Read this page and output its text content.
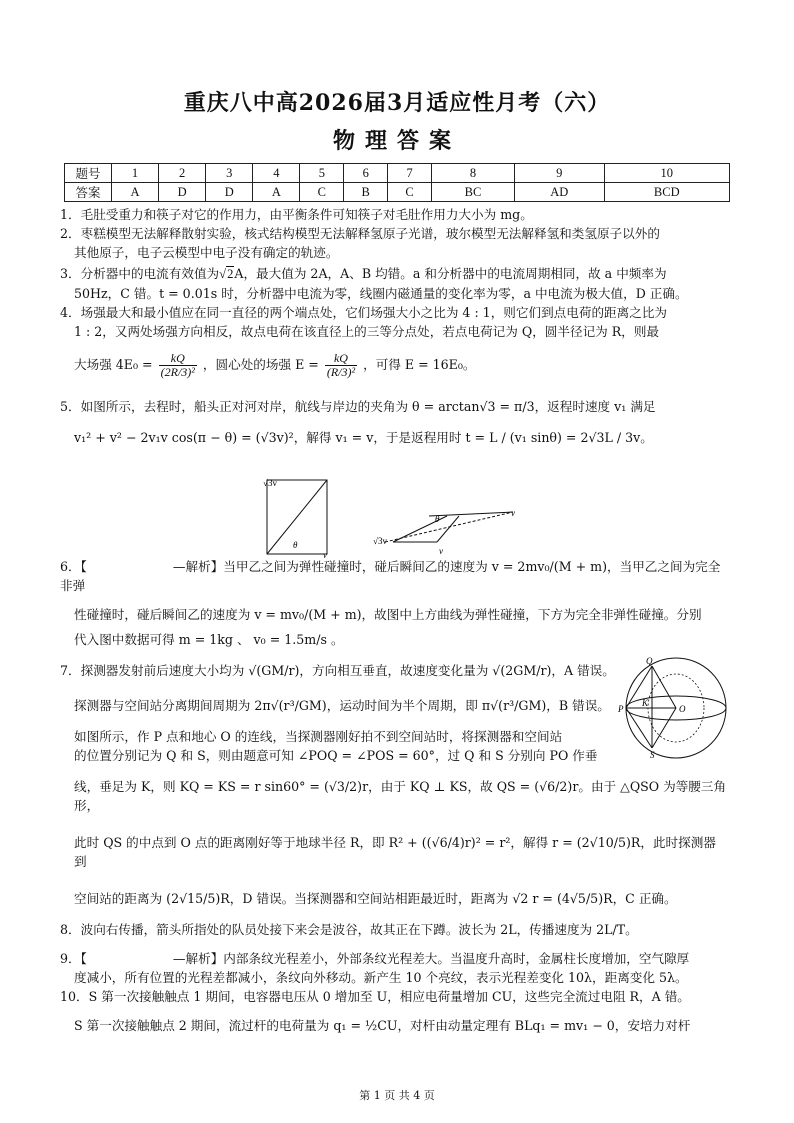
重庆八中高2026届3月适应性月考（六）
物理答案
题号	1	2	3	4	5	6	7	8	9	10
答案	A	D	D	A	C	B	C	BC	AD	BCD
1．毛肚受重力和筷子对它的作用力，由平衡条件可知筷子对毛肚作用力大小为 mg。
2．枣糕模型无法解释散射实验，核式结构模型无法解释氢原子光谱，玻尔模型无法解释氢和类氢原子以外的
其他原子，电子云模型中电子没有确定的轨迹。
3．分析器中的电流有效值为√2A，最大值为 2A，A、B 均错。a 和分析器中的电流周期相同，故 a 中频率为
50Hz，C 错。t = 0.01s 时，分析器中电流为零，线圈内磁通量的变化率为零，a 中电流为极大值，D 正确。
4．场强最大和最小值应在同一直径的两个端点处，它们场强大小之比为 4 : 1，则它们到点电荷的距离之比为
1 : 2，又两处场强方向相反，故点电荷在该直径上的三等分点处，若点电荷记为 Q，圆半径记为 R，则最
大场强 $4E_0 = \frac{kQ}{\text{(2R/3)²}}$ ，圆心处的场强 $E = \frac{kQ}{\text{(R/3)²}}$ ，可得 E = 16E₀。
5．如图所示，去程时，船头正对河对岸，航线与岸边的夹角为 θ = arctan√3 = π/3，返程时速度 v₁ 满足
v₁² + v² − 2v₁v cos(π − θ) = (√3v)²，解得 v₁ = v，于是返程用时 t = L / (v₁ sinθ) = 2√3L / 3v。
6．【	—解析】当甲乙之间为弹性碰撞时，碰后瞬间乙的速度为 v = 2mv₀/(M + m)，当甲乙之间为完全非弹
性碰撞时，碰后瞬间乙的速度为 v = mv₀/(M + m)，故图中上方曲线为弹性碰撞，下方为完全非弹性碰撞。分别
代入图中数据可得 m = 1kg 、 v₀ = 1.5m/s 。
7．探测器发射前后速度大小均为 √(GM/r)，方向相互垂直，故速度变化量为 √(2GM/r)，A 错误。
探测器与空间站分离期间周期为 2π√(r³/GM)，运动时间为半个周期，即 π√(r³/GM)，B 错误。
如图所示，作 P 点和地心 O 的连线，当探测器刚好拍不到空间站时，将探测器和空间站
的位置分别记为 Q 和 S，则由题意可知 ∠POQ = ∠POS = 60°，过 Q 和 S 分别向 PO 作垂
线，垂足为 K，则 KQ = KS = r sin60° = (√3/2)r，由于 KQ ⊥ KS，故 QS = (√6/2)r。由于 △QSO 为等腰三角形，
此时 QS 的中点到 O 点的距离刚好等于地球半径 R，即 R² + ((√6/4)r)² = r²，解得 r = (2√10/5)R，此时探测器到
空间站的距离为 (2√15/5)R，D 错误。当探测器和空间站相距最近时，距离为 √2 r = (4√5/5)R，C 正确。
8．波向右传播，箭头所指处的队员处接下来会是波谷，故其正在下蹲。波长为 2L，传播速度为 2L/T。
9．【	—解析】内部条纹光程差小，外部条纹光程差大。当温度升高时，金属柱长度增加，空气隙厚
度减小，所有位置的光程差都减小，条纹向外移动。新产生 10 个亮纹，表示光程差变化 10λ，距离变化 5λ。
10．S 第一次接触触点 1 期间，电容器电压从 0 增加至 U，相应电荷量增加 CU，这些完全流过电阻 R，A 错。
S 第一次接触触点 2 期间，流过杆的电荷量为 q₁ = ½CU，对杆由动量定理有 BLq₁ = mv₁ − 0，安培力对杆
√3v
θ
v
√3v
θ
v
v
Q
K
P	O
S
第 1 页 共 4 页
